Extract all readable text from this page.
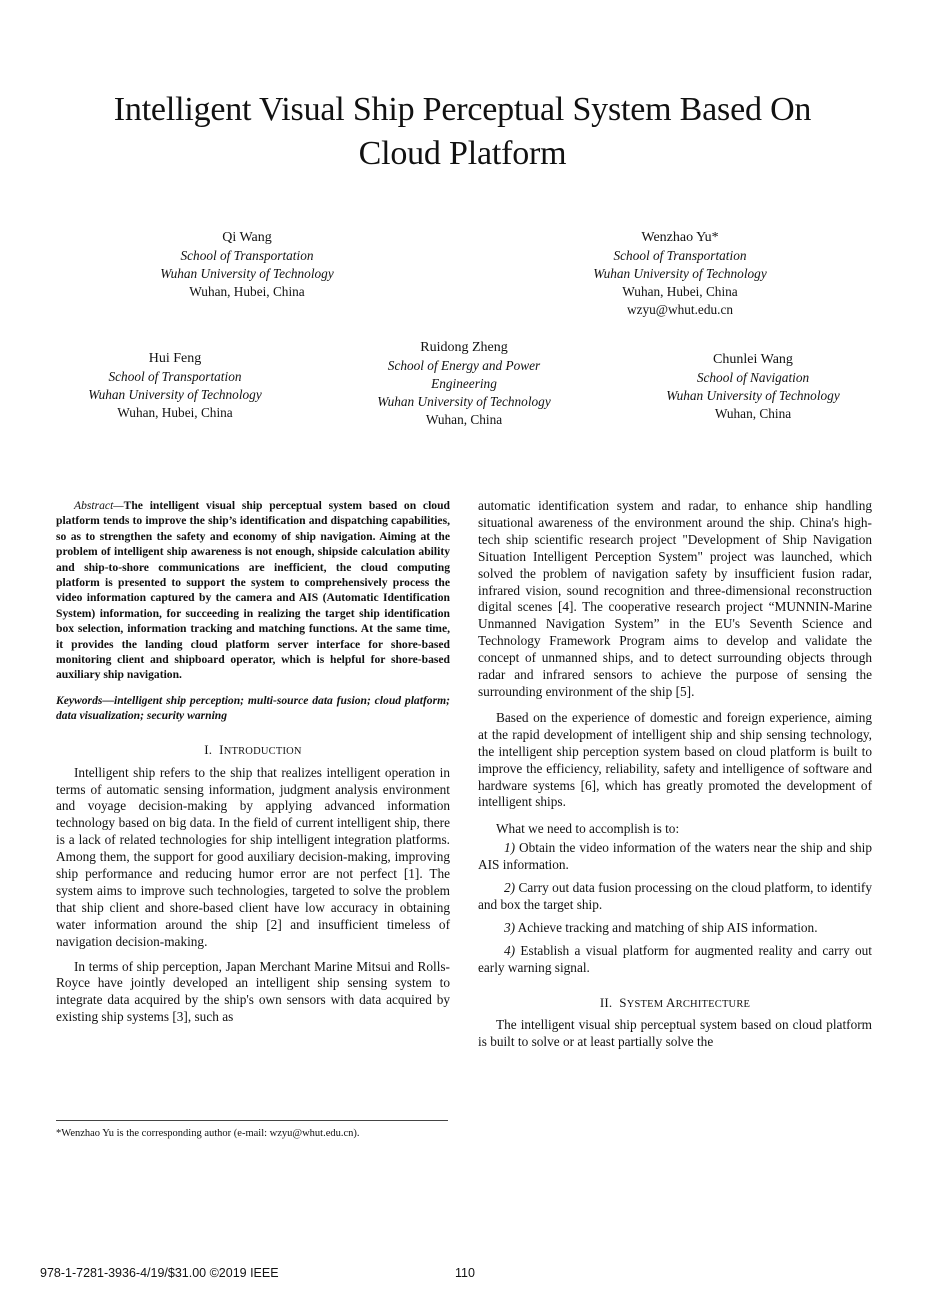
Intelligent Visual Ship Perceptual System Based On
Cloud Platform
Qi Wang
School of Transportation
Wuhan University of Technology
Wuhan, Hubei, China
Wenzhao Yu*
School of Transportation
Wuhan University of Technology
Wuhan, Hubei, China
wzyu@whut.edu.cn
Hui Feng
School of Transportation
Wuhan University of Technology
Wuhan, Hubei, China
Ruidong Zheng
School of Energy and Power
Engineering
Wuhan University of Technology
Wuhan, China
Chunlei Wang
School of Navigation
Wuhan University of Technology
Wuhan, China

Abstract—The intelligent visual ship perceptual system based on cloud platform tends to improve the ship’s identification and dispatching capabilities, so as to strengthen the safety and economy of ship navigation. Aiming at the problem of intelligent ship awareness is not enough, shipside calculation ability and ship-to-shore communications are inefficient, the cloud computing platform is presented to support the system to comprehensively process the video information captured by the camera and AIS (Automatic Identification System) information, for succeeding in realizing the target ship identification box selection, information tracking and matching functions. At the same time, it provides the landing cloud platform server interface for shore-based monitoring client and shipboard operator, which is helpful for shore-based auxiliary ship navigation.

Keywords—intelligent ship perception; multi-source data fusion; cloud platform; data visualization; security warning

I. INTRODUCTION

Intelligent ship refers to the ship that realizes intelligent operation in terms of automatic sensing information, judgment analysis environment and voyage decision-making by applying advanced information technology based on big data. In the field of current intelligent ship, there is a lack of related technologies for ship intelligent integration platforms. Among them, the support for good auxiliary decision-making, improving ship performance and reducing humor error are not perfect [1]. The system aims to improve such technologies, targeted to solve the problem that ship client and shore-based client have low accuracy in obtaining water information around the ship [2] and insufficient timeless of navigation decision-making.

In terms of ship perception, Japan Merchant Marine Mitsui and Rolls-Royce have jointly developed an intelligent ship sensing system to integrate data acquired by the ship's own sensors with data acquired by existing ship systems [3], such as

*Wenzhao Yu is the corresponding author (e-mail: wzyu@whut.edu.cn).

automatic identification system and radar, to enhance ship handling situational awareness of the environment around the ship. China's high-tech ship scientific research project "Development of Ship Navigation Situation Intelligent Perception System" project was launched, which solved the problem of navigation safety by insufficient fusion radar, infrared vision, sound recognition and three-dimensional reconstruction digital scenes [4]. The cooperative research project “MUNNIN-Marine Unmanned Navigation System” in the EU's Seventh Science and Technology Framework Program aims to develop and validate the concept of unmanned ships, and to detect surrounding objects through radar and infrared sensors to achieve the purpose of sensing the surrounding environment of the ship [5].

Based on the experience of domestic and foreign experience, aiming at the rapid development of intelligent ship and ship sensing technology, the intelligent ship perception system based on cloud platform is built to improve the efficiency, reliability, safety and intelligence of software and hardware systems [6], which has greatly promoted the development of intelligent ships.

What we need to accomplish is to:

1) Obtain the video information of the waters near the ship and ship AIS information.

2) Carry out data fusion processing on the cloud platform, to identify and box the target ship.

3) Achieve tracking and matching of ship AIS information.

4) Establish a visual platform for augmented reality and carry out early warning signal.

II. SYSTEM ARCHITECTURE

The intelligent visual ship perceptual system based on cloud platform is built to solve or at least partially solve the

978-1-7281-3936-4/19/$31.00 ©2019 IEEE	110
